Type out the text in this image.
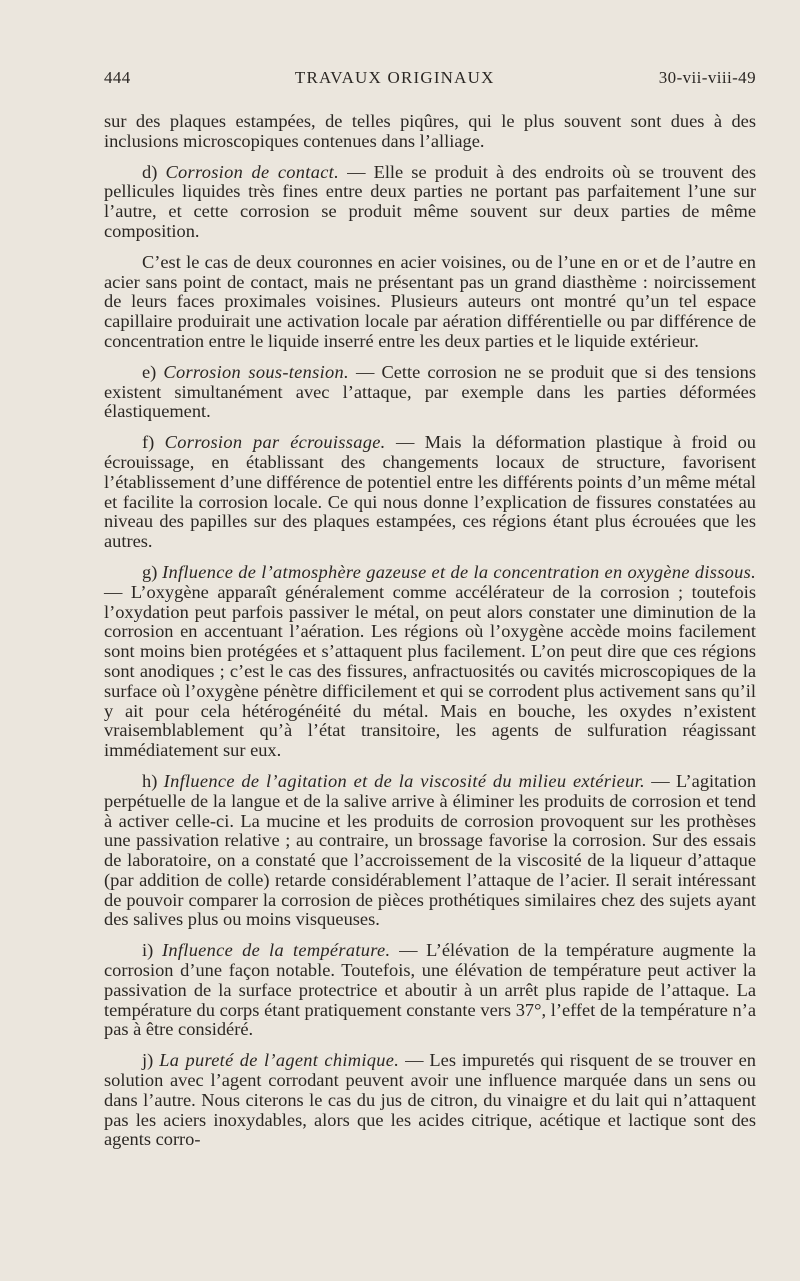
444	TRAVAUX ORIGINAUX	30-vii-viii-49

sur des plaques estampées, de telles piqûres, qui le plus souvent sont dues à des inclusions microscopiques contenues dans l’alliage.

d) Corrosion de contact. — Elle se produit à des endroits où se trouvent des pellicules liquides très fines entre deux parties ne portant pas parfaitement l’une sur l’autre, et cette corrosion se produit même souvent sur deux parties de même composition.

C’est le cas de deux couronnes en acier voisines, ou de l’une en or et de l’autre en acier sans point de contact, mais ne présentant pas un grand diasthème : noircissement de leurs faces proximales voisines. Plusieurs auteurs ont montré qu’un tel espace capillaire produirait une activation locale par aération différentielle ou par différence de concentration entre le liquide inserré entre les deux parties et le liquide extérieur.

e) Corrosion sous-tension. — Cette corrosion ne se produit que si des tensions existent simultanément avec l’attaque, par exemple dans les parties déformées élastiquement.

f) Corrosion par écrouissage. — Mais la déformation plastique à froid ou écrouissage, en établissant des changements locaux de structure, favorisent l’établissement d’une différence de potentiel entre les différents points d’un même métal et facilite la corrosion locale. Ce qui nous donne l’explication de fissures constatées au niveau des papilles sur des plaques estampées, ces régions étant plus écrouées que les autres.

g) Influence de l’atmosphère gazeuse et de la concentration en oxygène dissous. — L’oxygène apparaît généralement comme accélérateur de la corrosion ; toutefois l’oxydation peut parfois passiver le métal, on peut alors constater une diminution de la corrosion en accentuant l’aération. Les régions où l’oxygène accède moins facilement sont moins bien protégées et s’attaquent plus facilement. L’on peut dire que ces régions sont anodiques ; c’est le cas des fissures, anfractuosités ou cavités microscopiques de la surface où l’oxygène pénètre difficilement et qui se corrodent plus activement sans qu’il y ait pour cela hétérogénéité du métal. Mais en bouche, les oxydes n’existent vraisemblablement qu’à l’état transitoire, les agents de sulfuration réagissant immédiatement sur eux.

h) Influence de l’agitation et de la viscosité du milieu extérieur. — L’agitation perpétuelle de la langue et de la salive arrive à éliminer les produits de corrosion et tend à activer celle-ci. La mucine et les produits de corrosion provoquent sur les prothèses une passivation relative ; au contraire, un brossage favorise la corrosion. Sur des essais de laboratoire, on a constaté que l’accroissement de la viscosité de la liqueur d’attaque (par addition de colle) retarde considérablement l’attaque de l’acier. Il serait intéressant de pouvoir comparer la corrosion de pièces prothétiques similaires chez des sujets ayant des salives plus ou moins visqueuses.

i) Influence de la température. — L’élévation de la température augmente la corrosion d’une façon notable. Toutefois, une élévation de température peut activer la passivation de la surface protectrice et aboutir à un arrêt plus rapide de l’attaque. La température du corps étant pratiquement constante vers 37°, l’effet de la température n’a pas à être considéré.

j) La pureté de l’agent chimique. — Les impuretés qui risquent de se trouver en solution avec l’agent corrodant peuvent avoir une influence marquée dans un sens ou dans l’autre. Nous citerons le cas du jus de citron, du vinaigre et du lait qui n’attaquent pas les aciers inoxydables, alors que les acides citrique, acétique et lactique sont des agents corro-
